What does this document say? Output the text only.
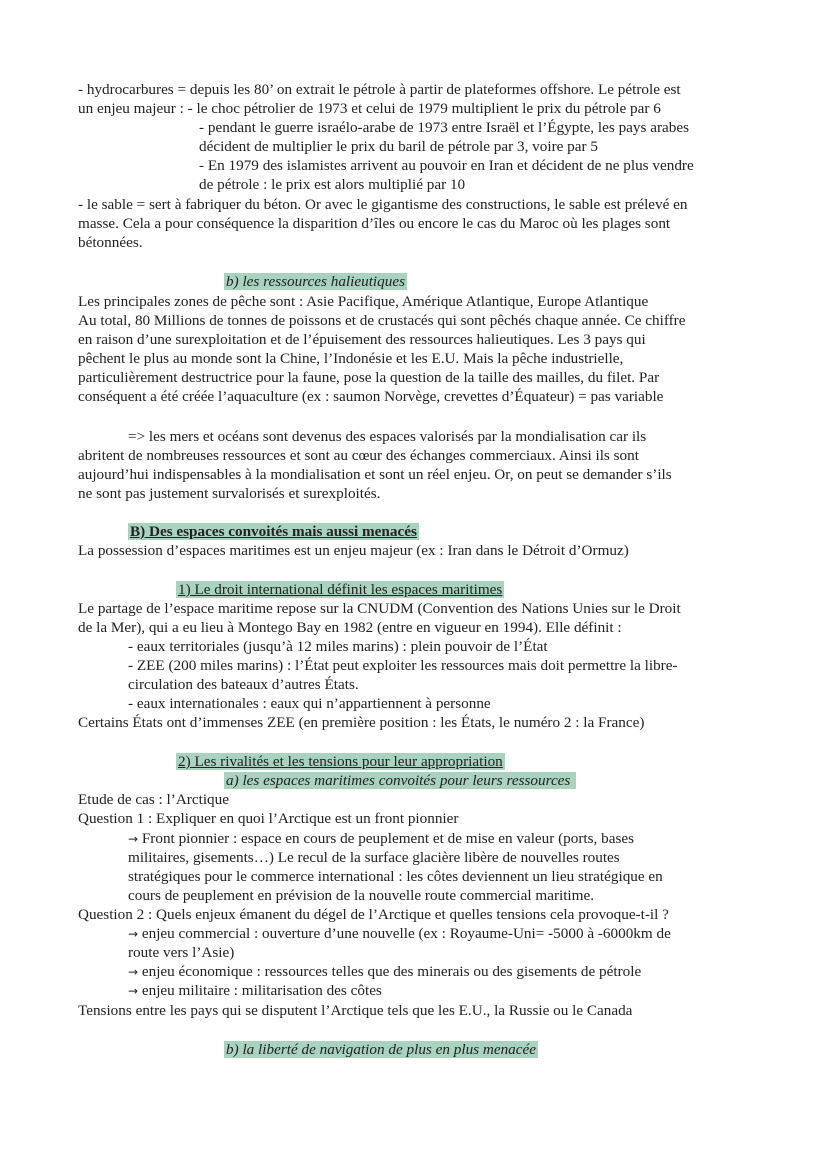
- hydrocarbures = depuis les 80’ on extrait le pétrole à partir de plateformes offshore. Le pétrole est

un enjeu majeur : - le choc pétrolier de 1973 et celui de 1979 multiplient le prix du pétrole par 6

- pendant le guerre israélo-arabe de 1973 entre Israël et l’Égypte, les pays arabes

décident de multiplier le prix du baril de pétrole par 3, voire par 5

- En 1979 des islamistes arrivent au pouvoir en Iran et décident de ne plus vendre

de pétrole : le prix est alors multiplié par 10

- le sable = sert à fabriquer du béton. Or avec le gigantisme des constructions, le sable est prélevé en

masse. Cela a pour conséquence la disparition d’îles ou encore le cas du Maroc où les plages sont

bétonnées.

b) les ressources halieutiques

Les principales zones de pêche sont : Asie Pacifique, Amérique Atlantique, Europe Atlantique

Au total, 80 Millions de tonnes de poissons et de crustacés qui sont pêchés chaque année. Ce chiffre

en raison d’une surexploitation et de l’épuisement des ressources halieutiques. Les 3 pays qui

pêchent le plus au monde sont la Chine, l’Indonésie et les E.U. Mais la pêche industrielle,

particulièrement destructrice pour la faune, pose la question de la taille des mailles, du filet. Par

conséquent a été créée l’aquaculture (ex : saumon Norvège, crevettes d’Équateur) = pas variable

=> les mers et océans sont devenus des espaces valorisés par la mondialisation car ils

abritent de nombreuses ressources et sont au cœur des échanges commerciaux. Ainsi ils sont

aujourd’hui indispensables à la mondialisation et sont un réel enjeu. Or, on peut se demander s’ils

ne sont pas justement survalorisés et surexploités.

B) Des espaces convoités mais aussi menacés

La possession d’espaces maritimes est un enjeu majeur (ex : Iran dans le Détroit d’Ormuz)

1) Le droit international définit les espaces maritimes

Le partage de l’espace maritime repose sur la CNUDM (Convention des Nations Unies sur le Droit

de la Mer), qui a eu lieu à Montego Bay en 1982 (entre en vigueur en 1994). Elle définit :

- eaux territoriales (jusqu’à 12 miles marins) : plein pouvoir de l’État

- ZEE (200 miles marins) : l’État peut exploiter les ressources mais doit permettre la libre-

circulation des bateaux d’autres États.

- eaux internationales : eaux qui n’appartiennent à personne

Certains États ont d’immenses ZEE (en première position : les États, le numéro 2 : la France)

2) Les rivalités et les tensions pour leur appropriation

a) les espaces maritimes convoités pour leurs ressources

Etude de cas : l’Arctique

Question 1 : Expliquer en quoi l’Arctique est un front pionnier

→ Front pionnier : espace en cours de peuplement et de mise en valeur (ports, bases

militaires, gisements…) Le recul de la surface glacière libère de nouvelles routes

stratégiques pour le commerce international : les côtes deviennent un lieu stratégique en

cours de peuplement en prévision de la nouvelle route commercial maritime.

Question 2 : Quels enjeux émanent du dégel de l’Arctique et quelles tensions cela provoque-t-il ?

→ enjeu commercial : ouverture d’une nouvelle (ex : Royaume-Uni= -5000 à -6000km de

route vers l’Asie)

→ enjeu économique : ressources telles que des minerais ou des gisements de pétrole

→ enjeu militaire : militarisation des côtes

Tensions entre les pays qui se disputent l’Arctique tels que les E.U., la Russie ou le Canada

b) la liberté de navigation de plus en plus menacée
